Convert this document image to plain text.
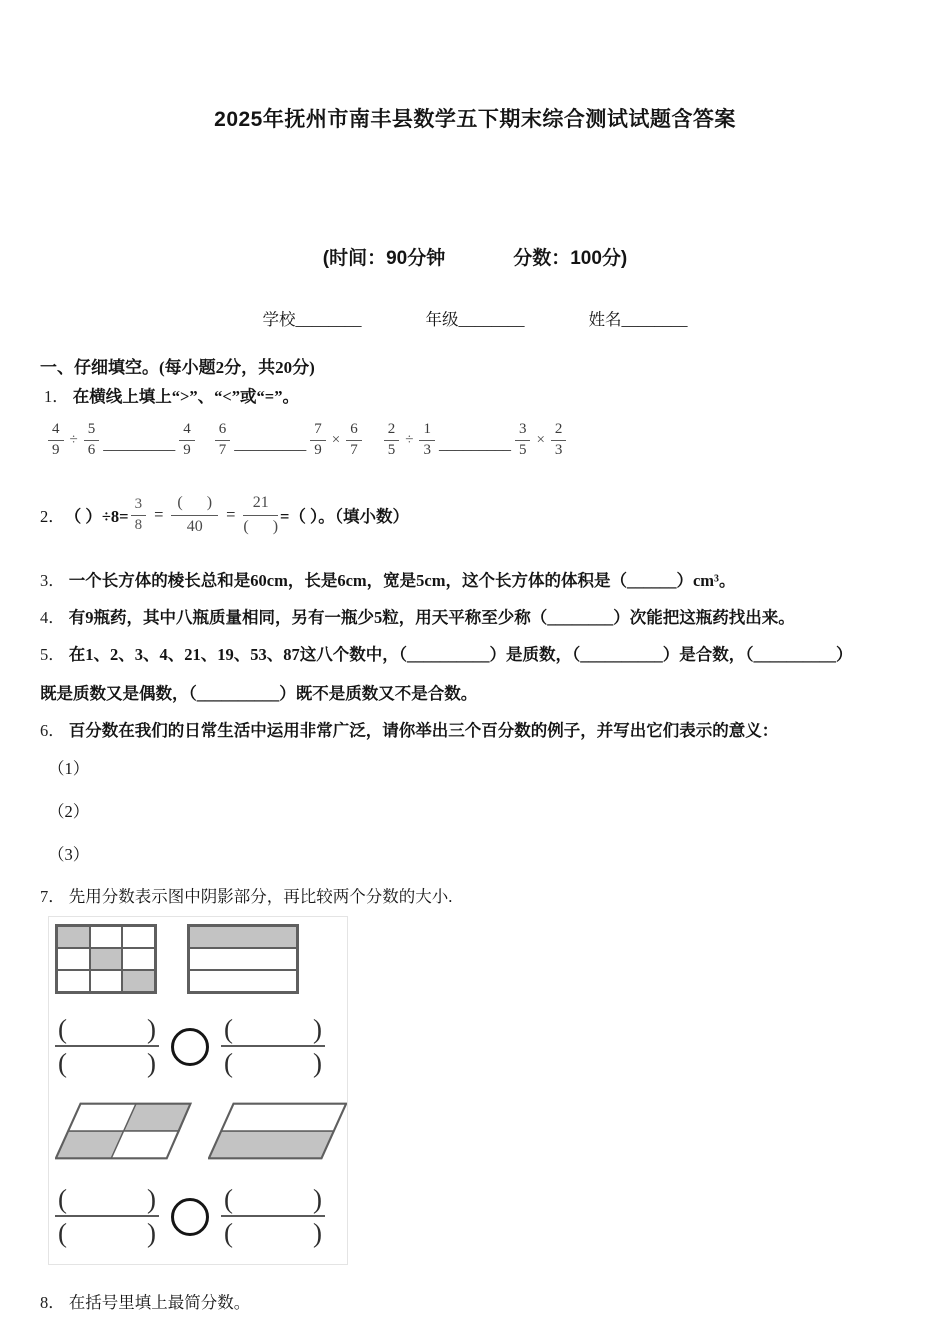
2025年抚州市南丰县数学五下期末综合测试试题含答案
(时间：90分钟	分数：100分)
学校________	年级________	姓名________
一、仔细填空。(每小题2分，共20分)
1． 在横线上填上“>”、“<”或“=”。
$\frac{4}{9} \div \frac{5}{6}$ _________ $\frac{4}{9} \frac{6}{7}$ _________ $\frac{7}{9} \times \frac{6}{7} \frac{2}{5} \div \frac{1}{3}$ _________ $\frac{3}{5} \times \frac{2}{3}$
2． （ ）$\div 8= \frac{3}{8} = \frac{( )}{40} = \frac{21}{( )}$ =（ ）。（填小数）
3． 一个长方体的棱长总和是60cm，长是6cm，宽是5cm，这个长方体的体积是（______）cm³。
4． 有9瓶药，其中八瓶质量相同，另有一瓶少5粒，用天平称至少称（________）次能把这瓶药找出来。
5． 在1、2、3、4、21、19、53、87这八个数中，（__________）是质数，（__________）是合数，（__________）
既是质数又是偶数，（__________）既不是质数又不是合数。
6． 百分数在我们的日常生活中运用非常广泛，请你举出三个百分数的例子，并写出它们表示的意义：
（1）
（2）
（3）
7． 先用分数表示图中阴影部分，再比较两个分数的大小.
(	)
(	)
(	)
(	)
(	)
(	)
(	)
(	)
8． 在括号里填上最简分数。
